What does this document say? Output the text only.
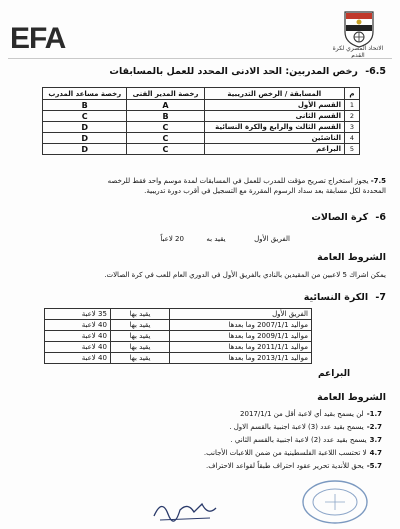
EFA	الاتحاد المصري لكرة القدم
6.5- رخص المدربين: الحد الادنى المحدد للعمل بالمسابقات
م	المسابقة / الرخص التدريبية	رخصة المدير الفنى	رخصة مساعد المدرب
1	القسم الأول	A	B
2	القسم الثانى	B	C
3	القسم الثالث والرابع والكرة النسائية	C	D
4	الناشئين	C	D
5	البراعم	C	D
7.5- يجوز استخراج تصريح مؤقت للمدرب للعمل في المسابقات لمدة موسم واحد فقط للرخصه
المحددة لكل مسابقة بعد سداد الرسوم المقررة مع التسجيل في أقرب دورة تدريبية.
6- كرة الصالات
الفريق الأول  يقيد به  20 لاعباً
الشروط العامة
يمكن اشراك 5 لاعبين من المقيدين بالنادي بالفريق الأول في الدوري العام للعب في كرة الصالات.
7- الكرة النسائية
الفريق الأول	يقيد بها	35 لاعبة
مواليد 2007/1/1 وما بعدها	يقيد بها	40 لاعبة
مواليد 2009/1/1 وما بعدها	يقيد بها	40 لاعبة
مواليد 2011/1/1 وما بعدها	يقيد بها	40 لاعبة
مواليد 2013/1/1 وما بعدها	يقيد بها	40 لاعبة
البراعم
الشروط العامة
1.7-لن يسمح بقيد أي لاعبة أقل من 2017/1/1
2.7-يسمح بقيد عدد (3) لاعبة اجنبية بالقسم الاول .
3.7يسمح بقيد عدد (2) لاعبة اجنبية بالقسم الثاني .
4.7لا تحتسب اللاعبة الفلسطينية من ضمن اللاعبات الأجانب.
5.7-يحق للأندية تحرير عقود احتراف طبقاً لقواعد الاحتراف.
